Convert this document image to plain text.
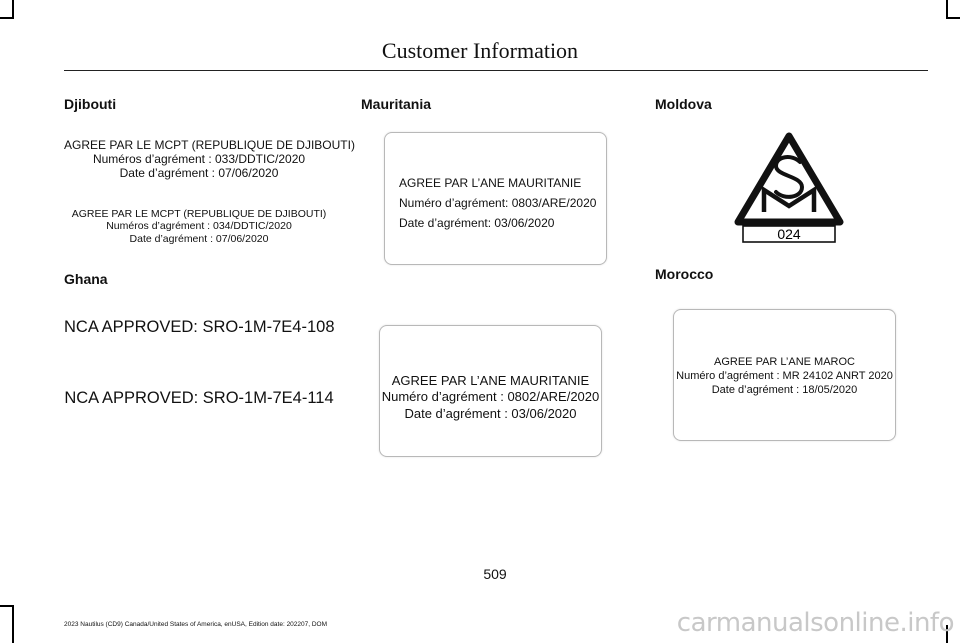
Customer Information
Djibouti
AGREE PAR LE MCPT (REPUBLIQUE DE DJIBOUTI)
Numéros d’agrément : 033/DDTIC/2020
Date d’agrément : 07/06/2020
AGREE PAR LE MCPT (REPUBLIQUE DE DJIBOUTI)
Numéros d’agrément : 034/DDTIC/2020
Date d’agrément : 07/06/2020
Ghana
NCA APPROVED: SRO-1M-7E4-108
NCA APPROVED: SRO-1M-7E4-114
Mauritania
AGREE PAR L’ANE MAURITANIE
Numéro d’agrément: 0803/ARE/2020
Date d’agrément: 03/06/2020
AGREE PAR L’ANE MAURITANIE
Numéro d’agrément : 0802/ARE/2020
Date d’agrément : 03/06/2020
Moldova
024
Morocco
AGREE PAR L’ANE MAROC
Numéro d’agrément : MR 24102 ANRT 2020
Date d’agrément : 18/05/2020
509
2023 Nautilus (CD9) Canada/United States of America, enUSA, Edition date: 202207, DOM	carmanualsonline.info
